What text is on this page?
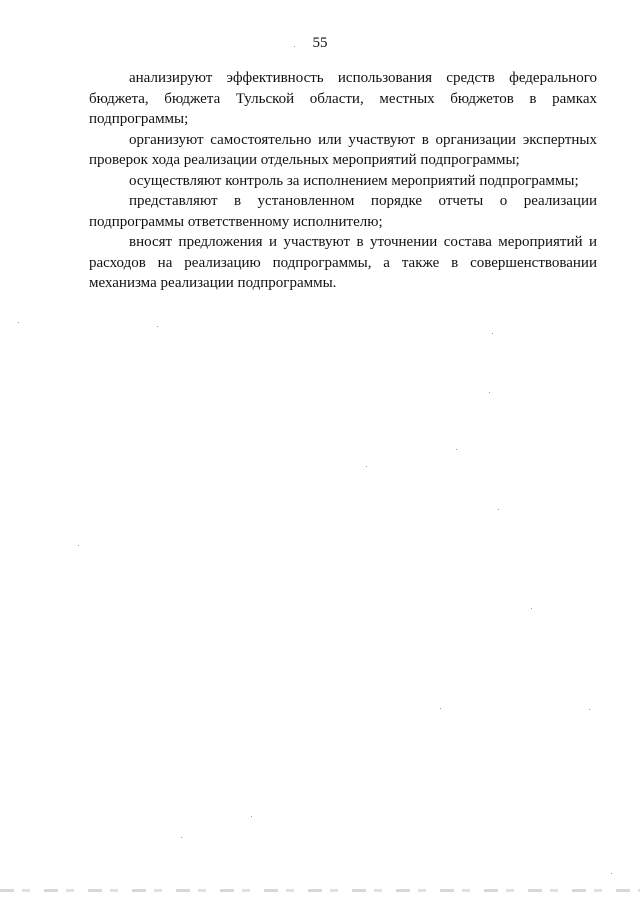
55

анализируют эффективность использования средств федерального бюджета, бюджета Тульской области, местных бюджетов в рамках подпрограммы;

организуют самостоятельно или участвуют в организации экспертных проверок хода реализации отдельных мероприятий подпрограммы;

осуществляют контроль за исполнением мероприятий подпрограммы;

представляют в установленном порядке отчеты о реализации подпрограммы ответственному исполнителю;

вносят предложения и участвуют в уточнении состава мероприятий и расходов на реализацию подпрограммы, а также в совершенствовании механизма реализации подпрограммы.
